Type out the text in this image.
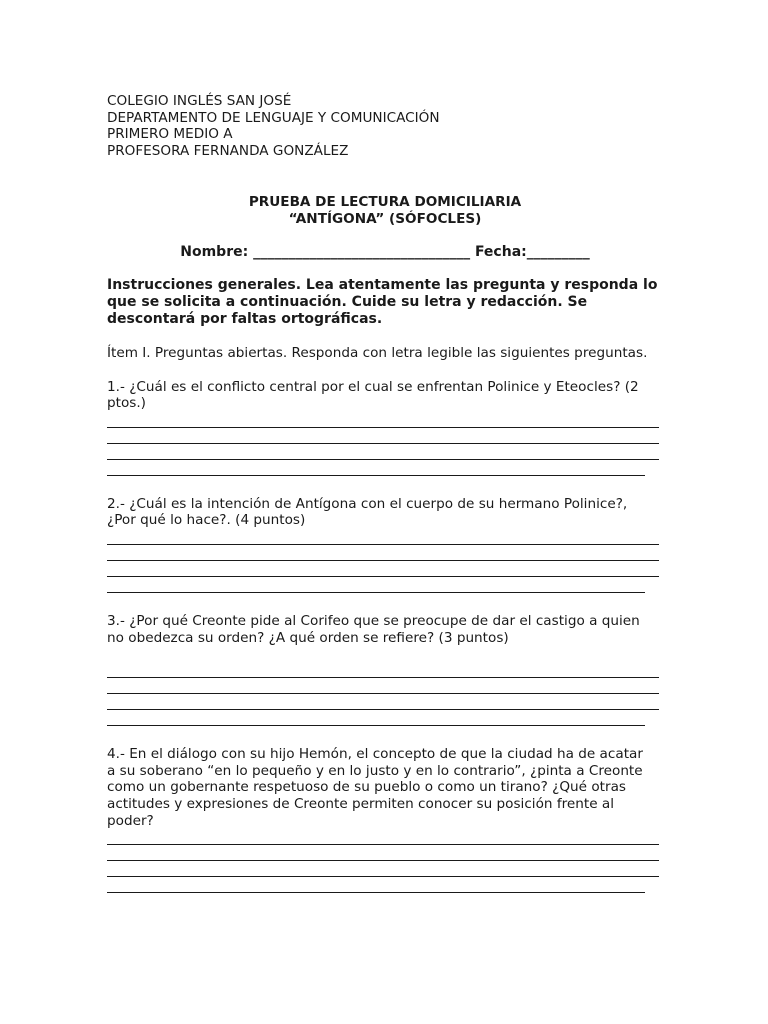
COLEGIO INGLÉS SAN JOSÉ
DEPARTAMENTO DE LENGUAJE Y COMUNICACIÓN
PRIMERO MEDIO A
PROFESORA FERNANDA GONZÁLEZ
PRUEBA DE LECTURA DOMICILIARIA
“ANTÍGONA” (SÓFOCLES)
Nombre: _______________________________ Fecha:_________
Instrucciones generales. Lea atentamente las pregunta y responda lo
que se solicita a continuación. Cuide su letra y redacción. Se
descontará por faltas ortográficas.
Ítem I. Preguntas abiertas. Responda con letra legible las siguientes preguntas.
1.- ¿Cuál es el conflicto central por el cual se enfrentan Polinice y Eteocles? (2
ptos.)
2.- ¿Cuál es la intención de Antígona con el cuerpo de su hermano Polinice?,
¿Por qué lo hace?. (4 puntos)
3.- ¿Por qué Creonte pide al Corifeo que se preocupe de dar el castigo a quien
no obedezca su orden? ¿A qué orden se refiere? (3 puntos)
4.- En el diálogo con su hijo Hemón, el concepto de que la ciudad ha de acatar
a su soberano “en lo pequeño y en lo justo y en lo contrario”, ¿pinta a Creonte
como un gobernante respetuoso de su pueblo o como un tirano? ¿Qué otras
actitudes y expresiones de Creonte permiten conocer su posición frente al
poder?
